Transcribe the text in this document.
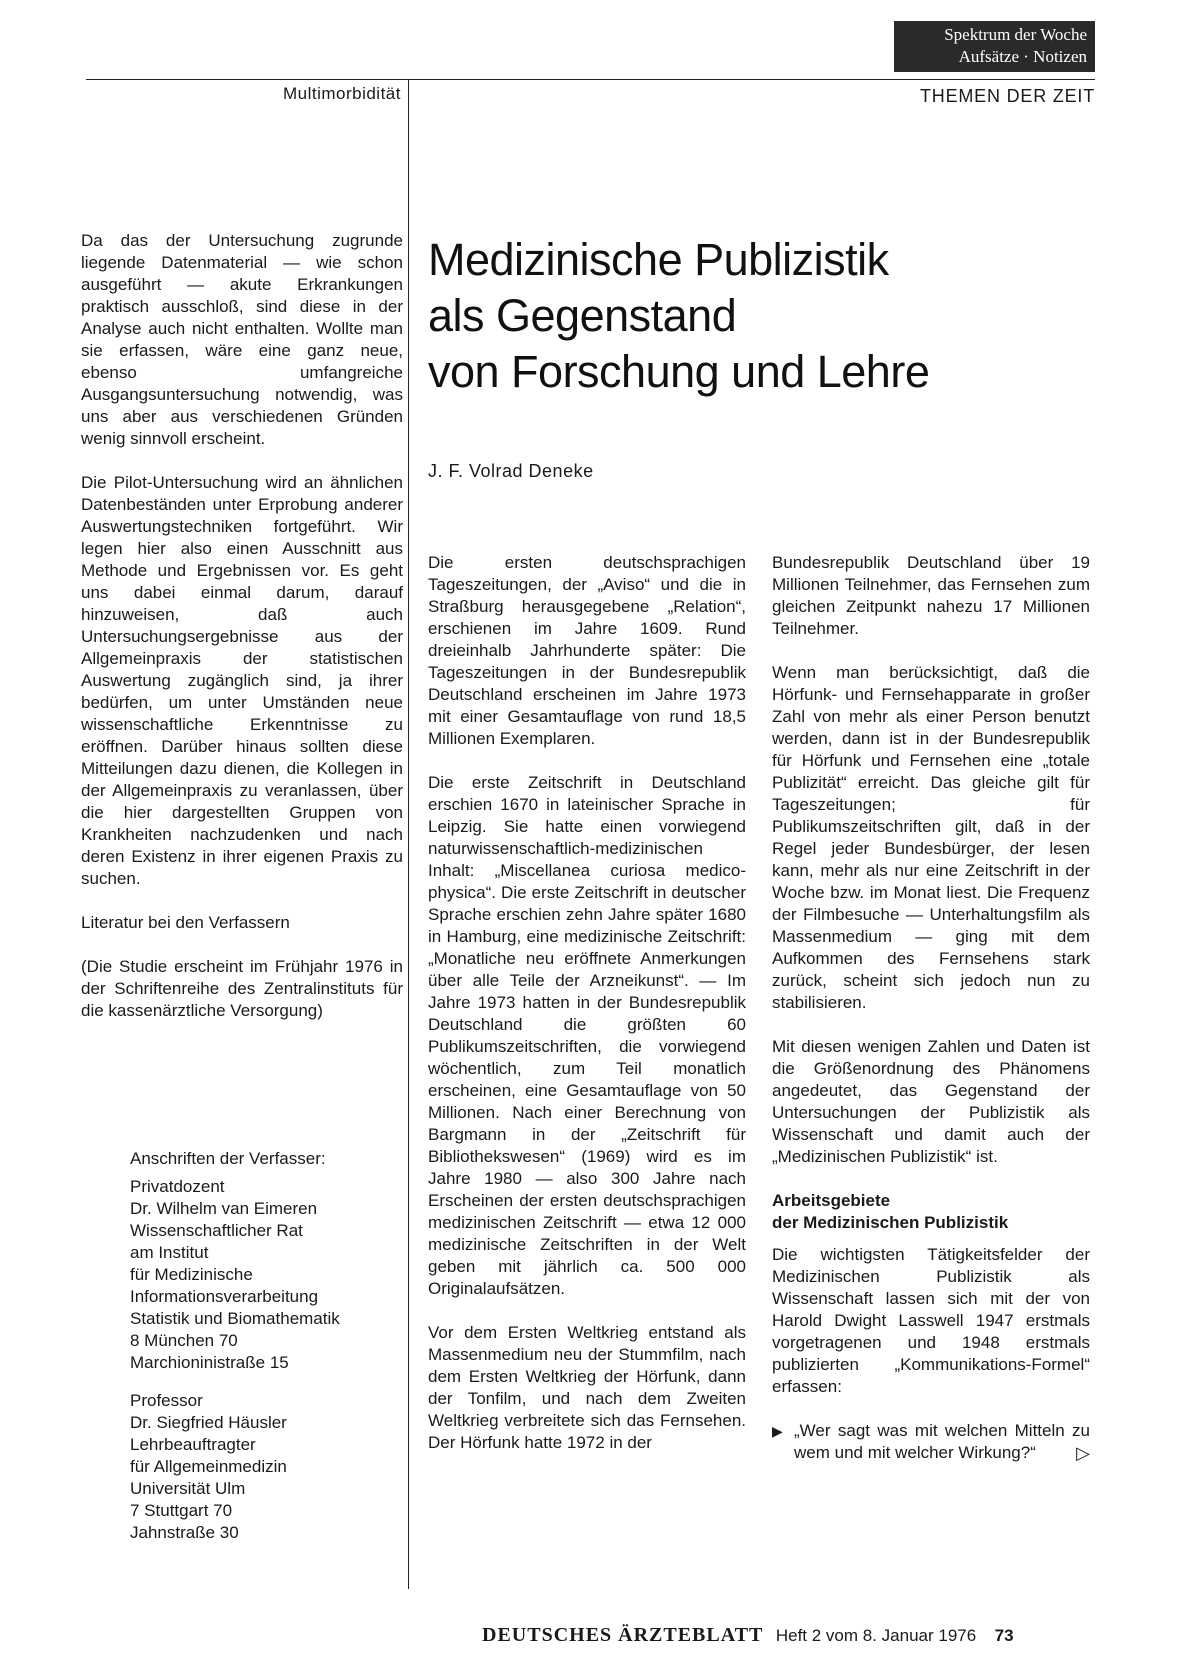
Spektrum der Woche
Aufsätze · Notizen
Multimorbidität	THEMEN DER ZEIT

Da das der Untersuchung zugrunde liegende Datenmaterial — wie schon ausgeführt — akute Erkrankungen praktisch ausschloß, sind diese in der Analyse auch nicht enthalten. Wollte man sie erfassen, wäre eine ganz neue, ebenso umfangreiche Ausgangsuntersuchung notwendig, was uns aber aus verschiedenen Gründen wenig sinnvoll erscheint.

Die Pilot-Untersuchung wird an ähnlichen Datenbeständen unter Erprobung anderer Auswertungstechniken fortgeführt. Wir legen hier also einen Ausschnitt aus Methode und Ergebnissen vor. Es geht uns dabei einmal darum, darauf hinzuweisen, daß auch Untersuchungsergebnisse aus der Allgemeinpraxis der statistischen Auswertung zugänglich sind, ja ihrer bedürfen, um unter Umständen neue wissenschaftliche Erkenntnisse zu eröffnen. Darüber hinaus sollten diese Mitteilungen dazu dienen, die Kollegen in der Allgemeinpraxis zu veranlassen, über die hier dargestellten Gruppen von Krankheiten nachzudenken und nach deren Existenz in ihrer eigenen Praxis zu suchen.

Literatur bei den Verfassern

(Die Studie erscheint im Frühjahr 1976 in der Schriftenreihe des Zentralinstituts für die kassenärztliche Versorgung)

Anschriften der Verfasser:
Privatdozent
Dr. Wilhelm van Eimeren
Wissenschaftlicher Rat
am Institut
für Medizinische
Informationsverarbeitung
Statistik und Biomathematik
8 München 70
Marchioninistraße 15
Professor
Dr. Siegfried Häusler
Lehrbeauftragter
für Allgemeinmedizin
Universität Ulm
7 Stuttgart 70
Jahnstraße 30
Medizinische Publizistik
als Gegenstand
von Forschung und Lehre
J. F. Volrad Deneke

Die ersten deutschsprachigen Tageszeitungen, der „Aviso“ und die in Straßburg herausgegebene „Relation“, erschienen im Jahre 1609. Rund dreieinhalb Jahrhunderte später: Die Tageszeitungen in der Bundesrepublik Deutschland erscheinen im Jahre 1973 mit einer Gesamtauflage von rund 18,5 Millionen Exemplaren.

Die erste Zeitschrift in Deutschland erschien 1670 in lateinischer Sprache in Leipzig. Sie hatte einen vorwiegend naturwissenschaftlich-medizinischen Inhalt: „Miscellanea curiosa medico-physica“. Die erste Zeitschrift in deutscher Sprache erschien zehn Jahre später 1680 in Hamburg, eine medizinische Zeitschrift: „Monatliche neu eröffnete Anmerkungen über alle Teile der Arzneikunst“. — Im Jahre 1973 hatten in der Bundesrepublik Deutschland die größten 60 Publikumszeitschriften, die vorwiegend wöchentlich, zum Teil monatlich erscheinen, eine Gesamtauflage von 50 Millionen. Nach einer Berechnung von Bargmann in der „Zeitschrift für Bibliothekswesen“ (1969) wird es im Jahre 1980 — also 300 Jahre nach Erscheinen der ersten deutschsprachigen medizinischen Zeitschrift — etwa 12 000 medizinische Zeitschriften in der Welt geben mit jährlich ca. 500 000 Originalaufsätzen.

Vor dem Ersten Weltkrieg entstand als Massenmedium neu der Stummfilm, nach dem Ersten Weltkrieg der Hörfunk, dann der Tonfilm, und nach dem Zweiten Weltkrieg verbreitete sich das Fernsehen. Der Hörfunk hatte 1972 in der

Bundesrepublik Deutschland über 19 Millionen Teilnehmer, das Fernsehen zum gleichen Zeitpunkt nahezu 17 Millionen Teilnehmer.

Wenn man berücksichtigt, daß die Hörfunk- und Fernsehapparate in großer Zahl von mehr als einer Person benutzt werden, dann ist in der Bundesrepublik für Hörfunk und Fernsehen eine „totale Publizität“ erreicht. Das gleiche gilt für Tageszeitungen; für Publikumszeitschriften gilt, daß in der Regel jeder Bundesbürger, der lesen kann, mehr als nur eine Zeitschrift in der Woche bzw. im Monat liest. Die Frequenz der Filmbesuche — Unterhaltungsfilm als Massenmedium — ging mit dem Aufkommen des Fernsehens stark zurück, scheint sich jedoch nun zu stabilisieren.

Mit diesen wenigen Zahlen und Daten ist die Größenordnung des Phänomens angedeutet, das Gegenstand der Untersuchungen der Publizistik als Wissenschaft und damit auch der „Medizinischen Publizistik“ ist.

Arbeitsgebiete
der Medizinischen Publizistik

Die wichtigsten Tätigkeitsfelder der Medizinischen Publizistik als Wissenschaft lassen sich mit der von Harold Dwight Lasswell 1947 erstmals vorgetragenen und 1948 erstmals publizierten „Kommunikations-Formel“ erfassen:

▶ „Wer sagt was mit welchen Mitteln zu wem und mit welcher Wirkung?“ ▷
DEUTSCHES ÄRZTEBLATT Heft 2 vom 8. Januar 1976 73
